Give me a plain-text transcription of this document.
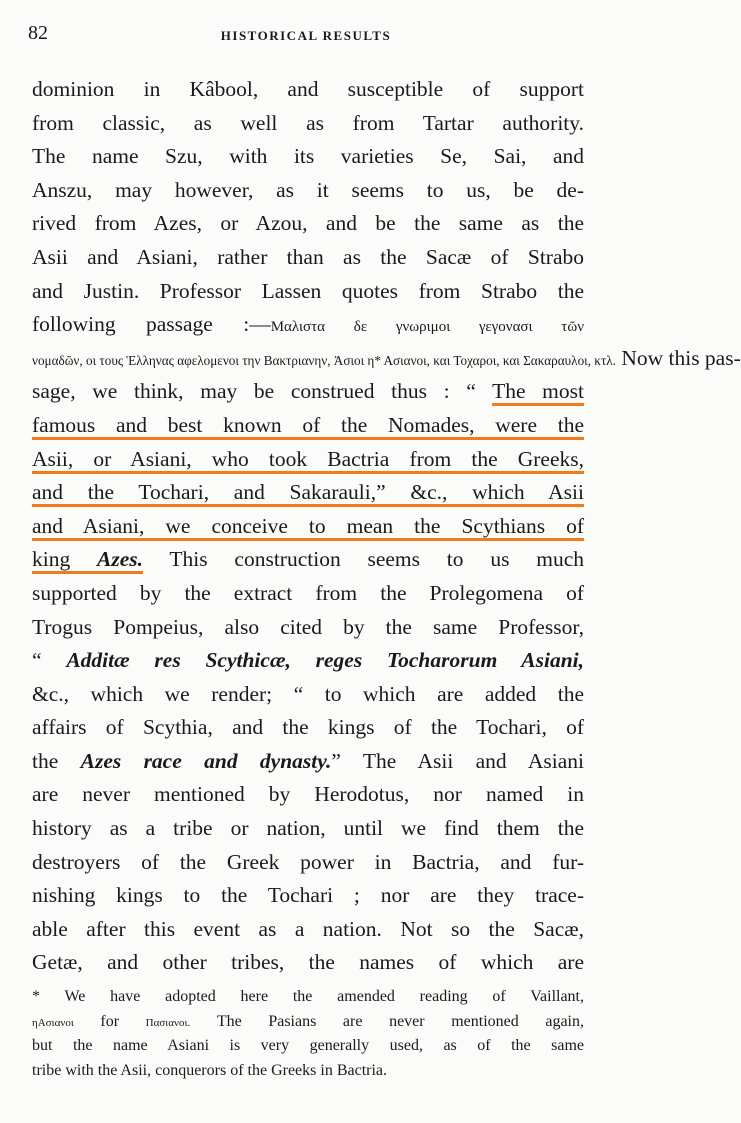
82	HISTORICAL RESULTS
dominion in Kâbool, and susceptible of support
from classic, as well as from Tartar authority.
The name Szu, with its varieties Se, Sai, and
Anszu, may however, as it seems to us, be de-
rived from Azes, or Azou, and be the same as the
Asii and Asiani, rather than as the Sacæ of Strabo
and Justin. Professor Lassen quotes from Strabo the
following passage :—Μαλιστα δε γνωριμοι γεγονασι τῶν
νομαδῶν, οι τους Ἑλληνας αφελομενοι την Βακτριανην, Ἀσιοι η* Ασιανοι, και Τοχαροι, και Σακαραυλοι, κτλ. Now this pas-
sage, we think, may be construed thus : “ The most
famous and best known of the Nomades, were the
Asii, or Asiani, who took Bactria from the Greeks,
and the Tochari, and Sakarauli,” &c., which Asii
and Asiani, we conceive to mean the Scythians of
king Azes. This construction seems to us much
supported by the extract from the Prolegomena of
Trogus Pompeius, also cited by the same Professor,
“ Additæ res Scythicæ, reges Tocharorum Asiani,
&c., which we render; “ to which are added the
affairs of Scythia, and the kings of the Tochari, of
the Azes race and dynasty.” The Asii and Asiani
are never mentioned by Herodotus, nor named in
history as a tribe or nation, until we find them the
destroyers of the Greek power in Bactria, and fur-
nishing kings to the Tochari ; nor are they trace-
able after this event as a nation. Not so the Sacæ,
Getæ, and other tribes, the names of which are
* We have adopted here the amended reading of Vaillant,
ηΑσιανοι for Πασιανοι. The Pasians are never mentioned again,
but the name Asiani is very generally used, as of the same
tribe with the Asii, conquerors of the Greeks in Bactria.
